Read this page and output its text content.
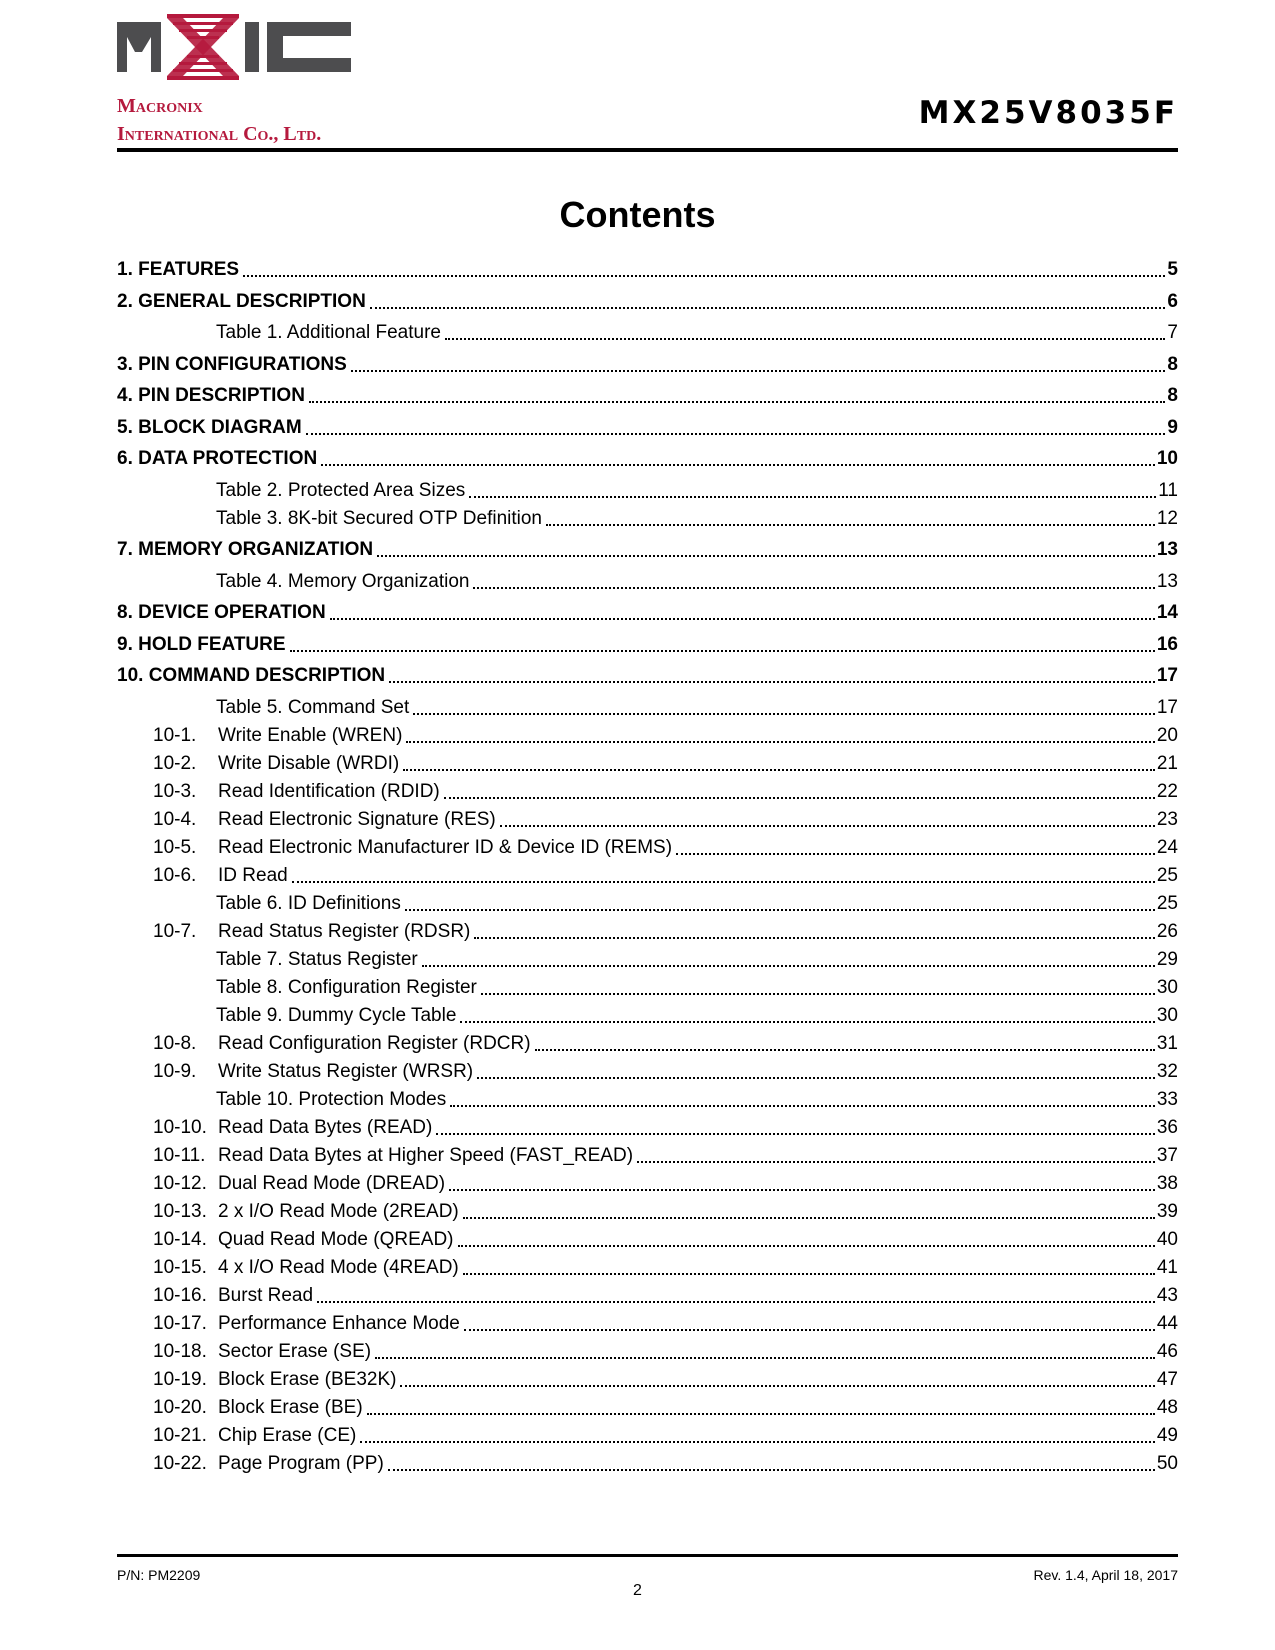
Macronix
International Co., Ltd.
MX25V8035F
Contents
1. FEATURES	5
2. GENERAL DESCRIPTION	6
Table 1. Additional Feature	7
3. PIN CONFIGURATIONS	8
4. PIN DESCRIPTION	8
5. BLOCK DIAGRAM	9
6. DATA PROTECTION	10
Table 2. Protected Area Sizes	11
Table 3. 8K-bit Secured OTP Definition	12
7. MEMORY ORGANIZATION	13
Table 4. Memory Organization	13
8. DEVICE OPERATION	14
9. HOLD FEATURE	16
10. COMMAND DESCRIPTION	17
Table 5. Command Set	17
10-1.	Write Enable (WREN)	20
10-2.	Write Disable (WRDI)	21
10-3.	Read Identification (RDID)	22
10-4.	Read Electronic Signature (RES)	23
10-5.	Read Electronic Manufacturer ID & Device ID (REMS)	24
10-6.	ID Read	25
Table 6. ID Definitions	25
10-7.	Read Status Register (RDSR)	26
Table 7. Status Register	29
Table 8. Configuration Register	30
Table 9. Dummy Cycle Table	30
10-8.	Read Configuration Register (RDCR)	31
10-9.	Write Status Register (WRSR)	32
Table 10. Protection Modes	33
10-10. Read Data Bytes (READ)	36
10-11. Read Data Bytes at Higher Speed (FAST_READ)	37
10-12. Dual Read Mode (DREAD)	38
10-13. 2 x I/O Read Mode (2READ)	39
10-14. Quad Read Mode (QREAD)	40
10-15. 4 x I/O Read Mode (4READ)	41
10-16. Burst Read	43
10-17. Performance Enhance Mode	44
10-18. Sector Erase (SE)	46
10-19. Block Erase (BE32K)	47
10-20. Block Erase (BE)	48
10-21. Chip Erase (CE)	49
10-22. Page Program (PP)	50
P/N: PM2209
2
Rev. 1.4, April 18, 2017
